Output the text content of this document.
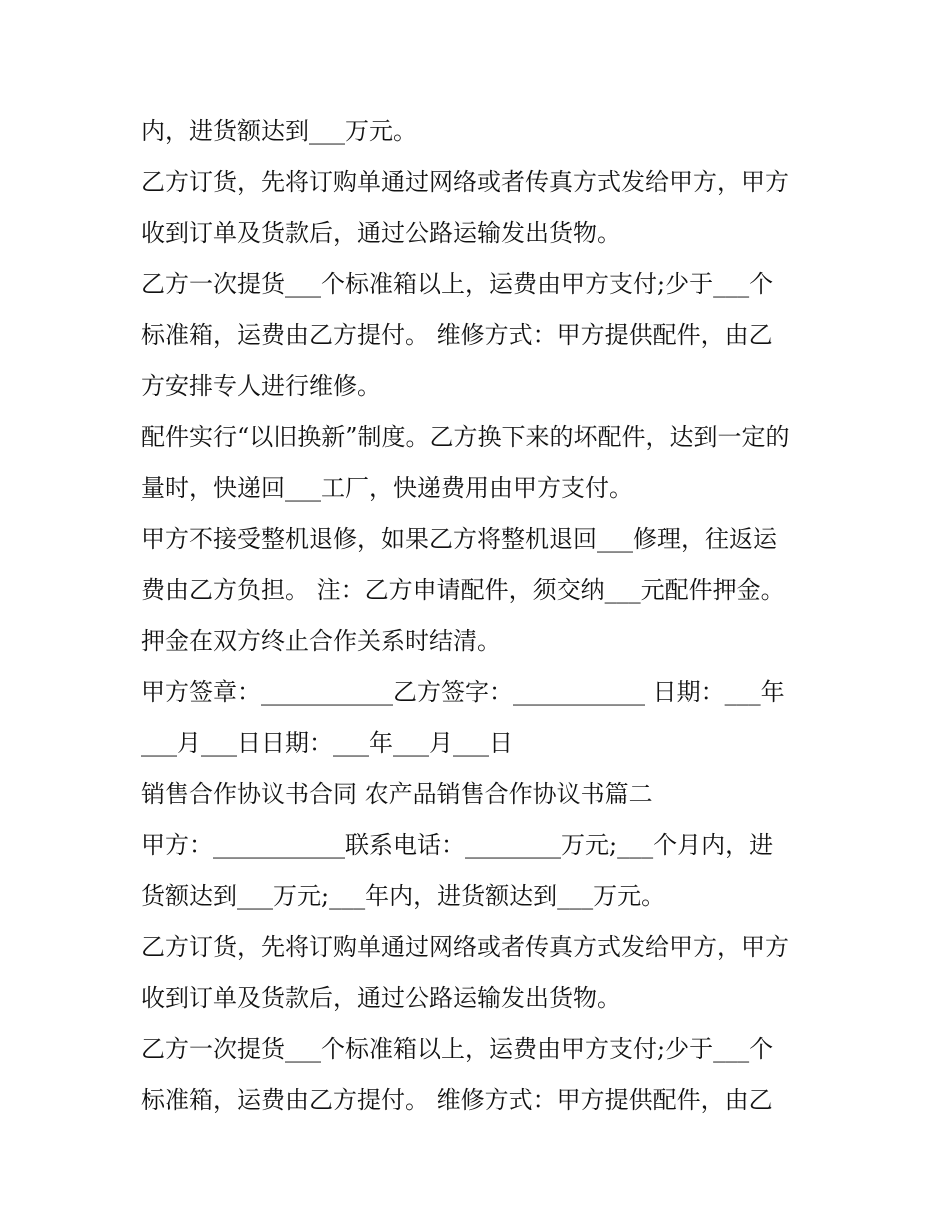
内，进货额达到___万元。
乙方订货，先将订购单通过网络或者传真方式发给甲方，甲方
收到订单及货款后，通过公路运输发出货物。
乙方一次提货___个标准箱以上，运费由甲方支付;少于___个
标准箱，运费由乙方提付。 维修方式：甲方提供配件，由乙
方安排专人进行维修。
配件实行“以旧换新”制度。乙方换下来的坏配件，达到一定的
量时，快递回___工厂，快递费用由甲方支付。
甲方不接受整机退修，如果乙方将整机退回___修理，往返运
费由乙方负担。 注：乙方申请配件，须交纳___元配件押金。
押金在双方终止合作关系时结清。
甲方签章：___________乙方签字：___________ 日期：___年
___月___日日期：___年___月___日
销售合作协议书合同 农产品销售合作协议书篇二
甲方：___________联系电话：________万元;___个月内，进
货额达到___万元;___年内，进货额达到___万元。
乙方订货，先将订购单通过网络或者传真方式发给甲方，甲方
收到订单及货款后，通过公路运输发出货物。
乙方一次提货___个标准箱以上，运费由甲方支付;少于___个
标准箱，运费由乙方提付。 维修方式：甲方提供配件，由乙
